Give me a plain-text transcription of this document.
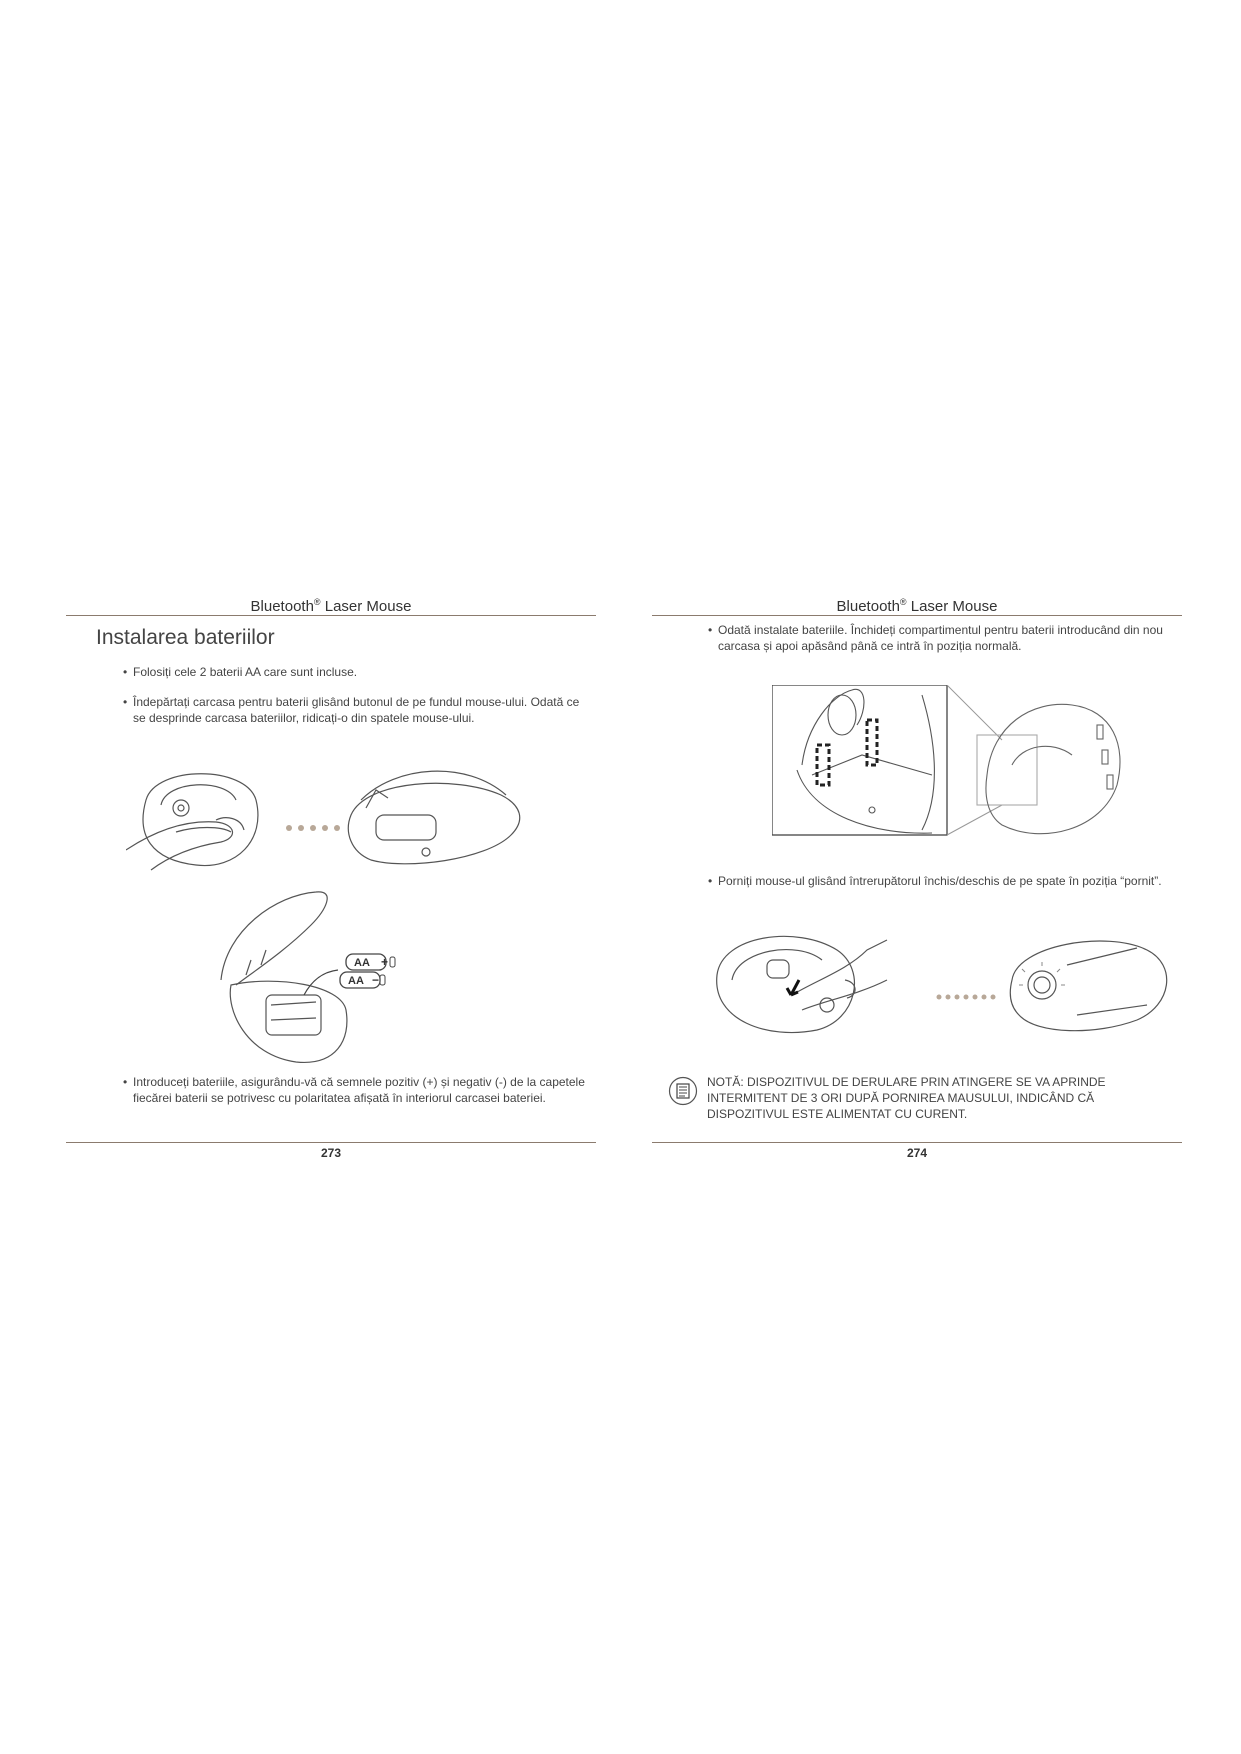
Bluetooth® Laser Mouse
Instalarea bateriilor
• Folosiți cele 2 baterii AA care sunt incluse.
• Îndepărtați carcasa pentru baterii glisând butonul de pe fundul mouse-ului. Odată ce se desprinde carcasa bateriilor, ridicați-o din spatele mouse-ului.
AA +
AA −
• Introduceți bateriile, asigurându-vă că semnele pozitiv (+) și negativ (-) de la capetele fiecărei baterii se potrivesc cu polaritatea afișată în interiorul carcasei bateriei.
273
Bluetooth® Laser Mouse
• Odată instalate bateriile. Închideți compartimentul pentru baterii introducând din nou carcasa și apoi apăsând până ce intră în poziția normală.
• Porniți mouse-ul glisând întrerupătorul închis/deschis de pe spate în poziția “pornit”.
NOTĂ: DISPOZITIVUL DE DERULARE PRIN ATINGERE SE VA APRINDE INTERMITENT DE 3 ORI DUPĂ PORNIREA MAUSULUI, INDICÂND CĂ DISPOZITIVUL ESTE ALIMENTAT CU CURENT.
274
